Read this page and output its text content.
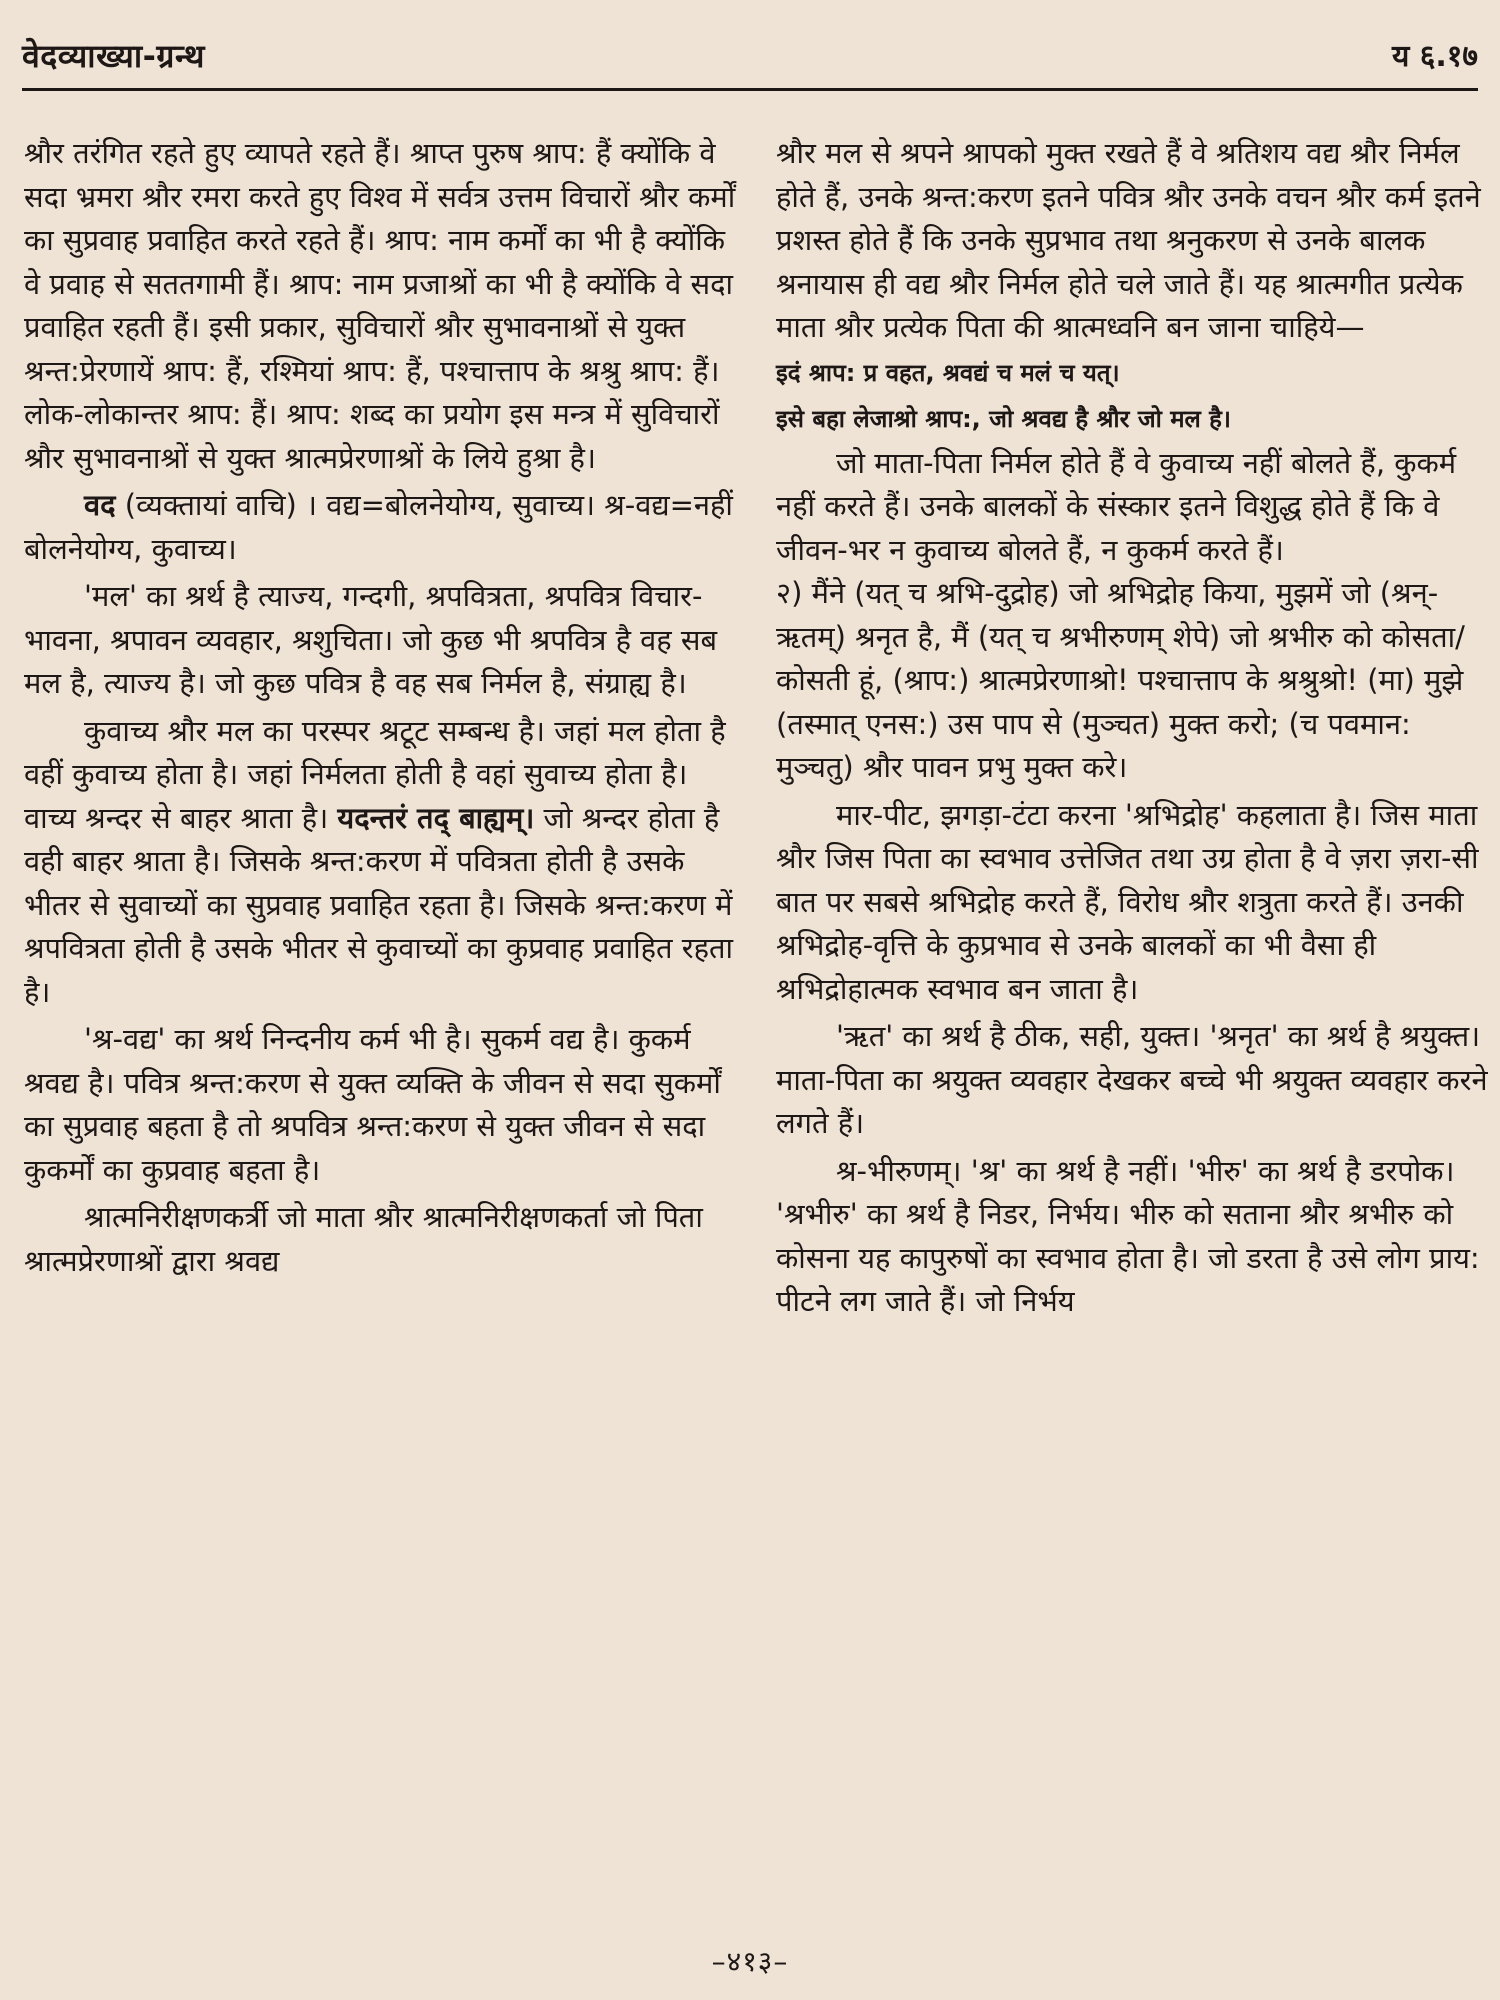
वेदव्याख्या-ग्रन्थ	य ६.१७

श्रौर तरंगित रहते हुए व्यापते रहते हैं। श्राप्त पुरुष श्राप: हैं क्योंकि वे सदा भ्रमरा श्रौर रमरा करते हुए विश्व में सर्वत्र उत्तम विचारों श्रौर कर्मों का सुप्रवाह प्रवाहित करते रहते हैं। श्राप: नाम कर्मों का भी है क्योंकि वे प्रवाह से सततगामी हैं। श्राप: नाम प्रजाश्रों का भी है क्योंकि वे सदा प्रवाहित रहती हैं। इसी प्रकार, सुविचारों श्रौर सुभावनाश्रों से युक्त श्रन्त:प्रेरणायें श्राप: हैं, रश्मियां श्राप: हैं, पश्चात्ताप के श्रश्रु श्राप: हैं। लोक-लोकान्तर श्राप: हैं। श्राप: शब्द का प्रयोग इस मन्त्र में सुविचारों श्रौर सुभावनाश्रों से युक्त श्रात्मप्रेरणाश्रों के लिये हुश्रा है।

वद (व्यक्तायां वाचि) । वद्य=बोलनेयोग्य, सुवाच्य। श्र-वद्य=नहीं बोलनेयोग्य, कुवाच्य।

'मल' का श्रर्थ है त्याज्य, गन्दगी, श्रपवित्रता, श्रपवित्र विचार-भावना, श्रपावन व्यवहार, श्रशुचिता। जो कुछ भी श्रपवित्र है वह सब मल है, त्याज्य है। जो कुछ पवित्र है वह सब निर्मल है, संग्राह्य है।

कुवाच्य श्रौर मल का परस्पर श्रटूट सम्बन्ध है। जहां मल होता है वहीं कुवाच्य होता है। जहां निर्मलता होती है वहां सुवाच्य होता है। वाच्य श्रन्दर से बाहर श्राता है। यदन्तरं तद् बाह्यम्। जो श्रन्दर होता है वही बाहर श्राता है। जिसके श्रन्त:करण में पवित्रता होती है उसके भीतर से सुवाच्यों का सुप्रवाह प्रवाहित रहता है। जिसके श्रन्त:करण में श्रपवित्रता होती है उसके भीतर से कुवाच्यों का कुप्रवाह प्रवाहित रहता है।

'श्र-वद्य' का श्रर्थ निन्दनीय कर्म भी है। सुकर्म वद्य है। कुकर्म श्रवद्य है। पवित्र श्रन्त:करण से युक्त व्यक्ति के जीवन से सदा सुकर्मों का सुप्रवाह बहता है तो श्रपवित्र श्रन्त:करण से युक्त जीवन से सदा कुकर्मों का कुप्रवाह बहता है।

श्रात्मनिरीक्षणकर्त्री जो माता श्रौर श्रात्मनिरीक्षणकर्ता जो पिता श्रात्मप्रेरणाश्रों द्वारा श्रवद्य

श्रौर मल से श्रपने श्रापको मुक्त रखते हैं वे श्रतिशय वद्य श्रौर निर्मल होते हैं, उनके श्रन्त:करण इतने पवित्र श्रौर उनके वचन श्रौर कर्म इतने प्रशस्त होते हैं कि उनके सुप्रभाव तथा श्रनुकरण से उनके बालक श्रनायास ही वद्य श्रौर निर्मल होते चले जाते हैं। यह श्रात्मगीत प्रत्येक माता श्रौर प्रत्येक पिता की श्रात्मध्वनि बन जाना चाहिये—

इदं श्राप: प्र वहत, श्रवद्यं च मलं च यत्।

इसे बहा लेजाश्रो श्राप:, जो श्रवद्य है श्रौर जो मल है।

जो माता-पिता निर्मल होते हैं वे कुवाच्य नहीं बोलते हैं, कुकर्म नहीं करते हैं। उनके बालकों के संस्कार इतने विशुद्ध होते हैं कि वे जीवन-भर न कुवाच्य बोलते हैं, न कुकर्म करते हैं।

२) मैंने (यत् च श्रभि-दुद्रोह) जो श्रभिद्रोह किया, मुझमें जो (श्रन्-ऋतम्) श्रनृत है, मैं (यत् च श्रभीरुणम् शेपे) जो श्रभीरु को कोसता/कोसती हूं, (श्राप:) श्रात्मप्रेरणाश्रो! पश्चात्ताप के श्रश्रुश्रो! (मा) मुझे (तस्मात् एनस:) उस पाप से (मुञ्चत) मुक्त करो; (च पवमान: मुञ्चतु) श्रौर पावन प्रभु मुक्त करे।

मार-पीट, झगड़ा-टंटा करना 'श्रभिद्रोह' कहलाता है। जिस माता श्रौर जिस पिता का स्वभाव उत्तेजित तथा उग्र होता है वे ज़रा ज़रा-सी बात पर सबसे श्रभिद्रोह करते हैं, विरोध श्रौर शत्रुता करते हैं। उनकी श्रभिद्रोह-वृत्ति के कुप्रभाव से उनके बालकों का भी वैसा ही श्रभिद्रोहात्मक स्वभाव बन जाता है।

'ऋत' का श्रर्थ है ठीक, सही, युक्त। 'श्रनृत' का श्रर्थ है श्रयुक्त। माता-पिता का श्रयुक्त व्यवहार देखकर बच्चे भी श्रयुक्त व्यवहार करने लगते हैं।

श्र-भीरुणम्। 'श्र' का श्रर्थ है नहीं। 'भीरु' का श्रर्थ है डरपोक। 'श्रभीरु' का श्रर्थ है निडर, निर्भय। भीरु को सताना श्रौर श्रभीरु को कोसना यह कापुरुषों का स्वभाव होता है। जो डरता है उसे लोग प्राय: पीटने लग जाते हैं। जो निर्भय

–४१३–
